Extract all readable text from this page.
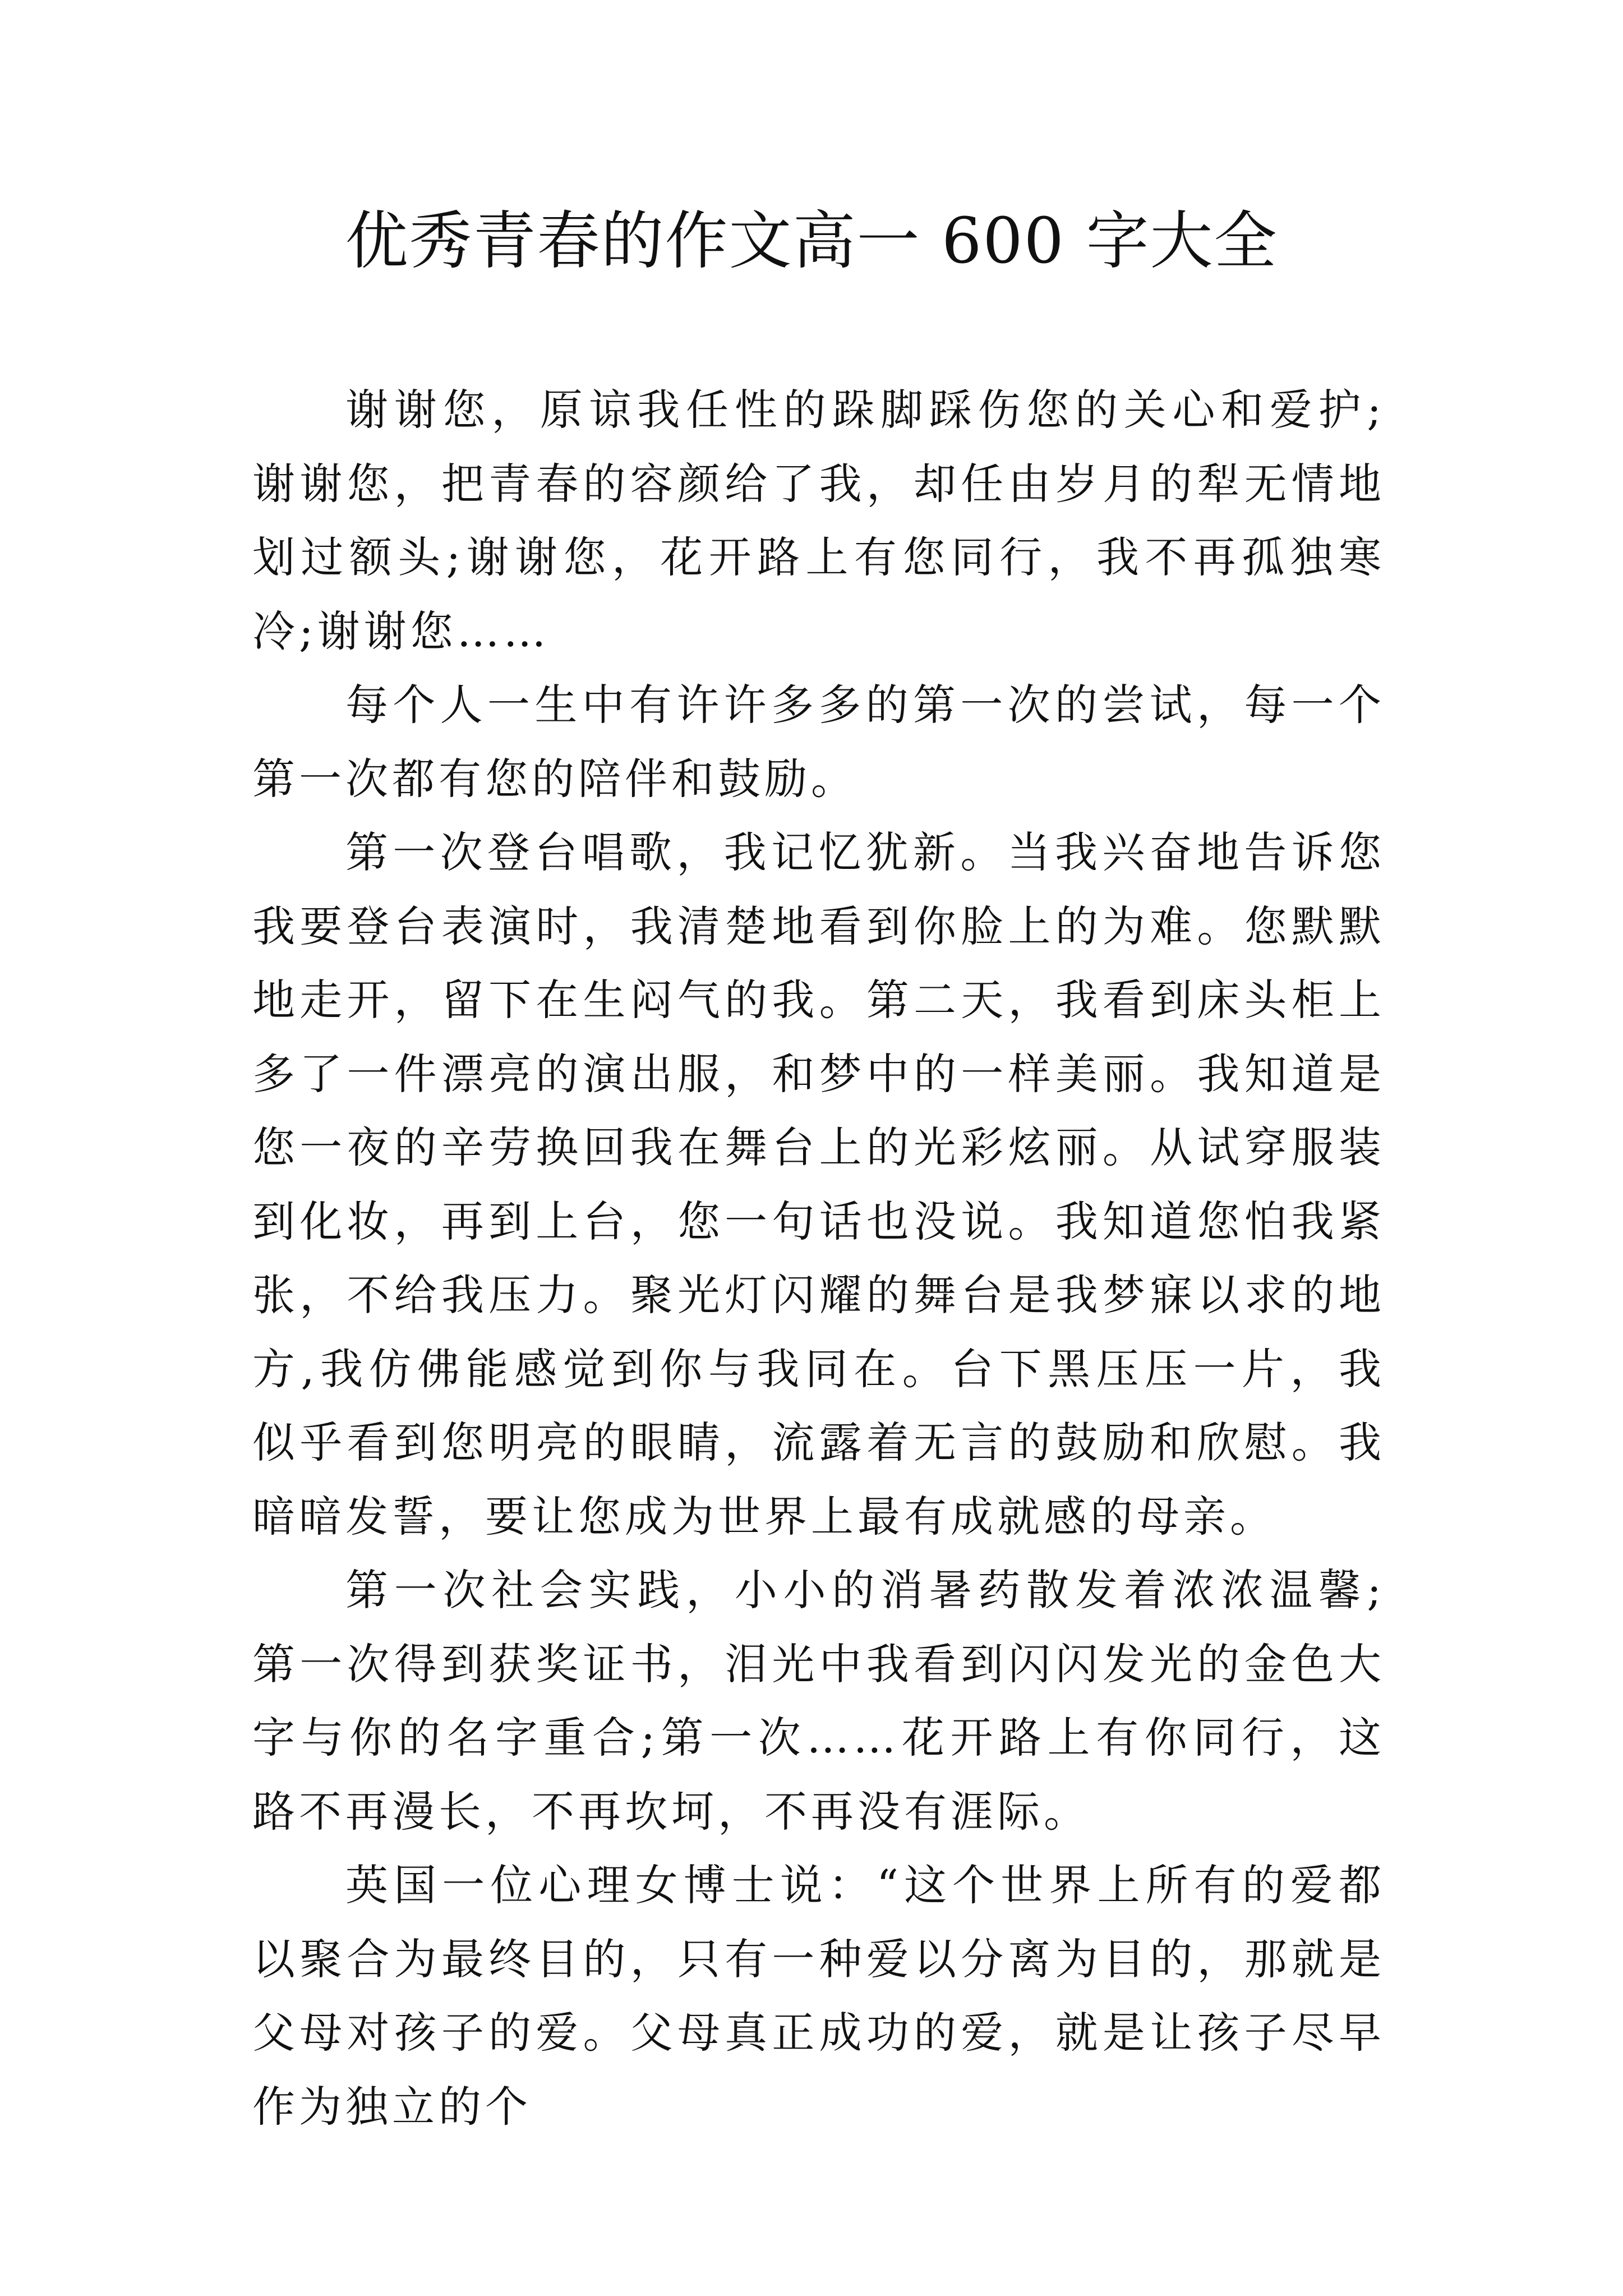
优秀青春的作文高一 600 字大全

谢谢您，原谅我任性的跺脚踩伤您的关心和爱护;谢谢您，把青春的容颜给了我，却任由岁月的犁无情地划过额头;谢谢您，花开路上有您同行，我不再孤独寒冷;谢谢您……

每个人一生中有许许多多的第一次的尝试，每一个第一次都有您的陪伴和鼓励。

第一次登台唱歌，我记忆犹新。当我兴奋地告诉您我要登台表演时，我清楚地看到你脸上的为难。您默默地走开，留下在生闷气的我。第二天，我看到床头柜上多了一件漂亮的演出服，和梦中的一样美丽。我知道是您一夜的辛劳换回我在舞台上的光彩炫丽。从试穿服装到化妆，再到上台，您一句话也没说。我知道您怕我紧张，不给我压力。聚光灯闪耀的舞台是我梦寐以求的地方,我仿佛能感觉到你与我同在。台下黑压压一片，我似乎看到您明亮的眼睛，流露着无言的鼓励和欣慰。我暗暗发誓，要让您成为世界上最有成就感的母亲。

第一次社会实践，小小的消暑药散发着浓浓温馨;第一次得到获奖证书，泪光中我看到闪闪发光的金色大字与你的名字重合;第一次……花开路上有你同行，这路不再漫长，不再坎坷，不再没有涯际。

英国一位心理女博士说：“这个世界上所有的爱都以聚合为最终目的，只有一种爱以分离为目的，那就是父母对孩子的爱。父母真正成功的爱，就是让孩子尽早作为独立的个
